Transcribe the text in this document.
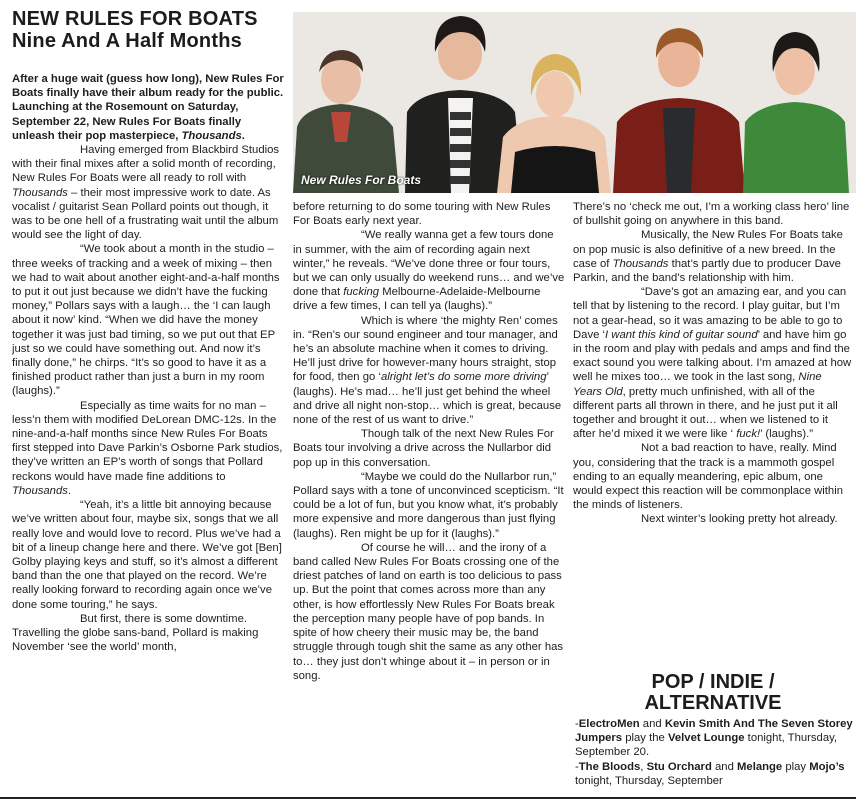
NEW RULES FOR BOATS
Nine And A Half Months
New Rules For Boats

After a huge wait (guess how long), New Rules For Boats finally have their album ready for the public. Launching at the Rosemount on Saturday, September 22, New Rules For Boats finally unleash their pop masterpiece, Thousands.

Having emerged from Blackbird Studios with their final mixes after a solid month of recording, New Rules For Boats were all ready to roll with Thousands – their most impressive work to date. As vocalist / guitarist Sean Pollard points out though, it was to be one hell of a frustrating wait until the album would see the light of day.

“We took about a month in the studio – three weeks of tracking and a week of mixing – then we had to wait about another eight-and-a-half months to put it out just because we didn’t have the fucking money,” Pollars says with a laugh… the ‘I can laugh about it now’ kind. “When we did have the money together it was just bad timing, so we put out that EP just so we could have something out. And now it’s finally done,” he chirps. “It’s so good to have it as a finished product rather than just a burn in my room (laughs).”

Especially as time waits for no man – less’n them with modified DeLorean DMC-12s. In the nine-and-a-half months since New Rules For Boats first stepped into Dave Parkin’s Osborne Park studios, they’ve written an EP’s worth of songs that Pollard reckons would have made fine additions to Thousands.

“Yeah, it’s a little bit annoying because we’ve written about four, maybe six, songs that we all really love and would love to record. Plus we’ve had a bit of a lineup change here and there. We’ve got [Ben] Golby playing keys and stuff, so it’s almost a different band than the one that played on the record. We’re really looking forward to recording again once we’ve done some touring,” he says.

But first, there is some downtime. Travelling the globe sans-band, Pollard is making November ‘see the world’ month,

before returning to do some touring with New Rules For Boats early next year.

“We really wanna get a few tours done in summer, with the aim of recording again next winter,” he reveals. “We’ve done three or four tours, but we can only usually do weekend runs… and we’ve done that fucking Melbourne-Adelaide-Melbourne drive a few times, I can tell ya (laughs).”

Which is where ‘the mighty Ren’ comes in. “Ren’s our sound engineer and tour manager, and he’s an absolute machine when it comes to driving. He’ll just drive for however-many hours straight, stop for food, then go ‘alright let’s do some more driving’ (laughs). He’s mad… he’ll just get behind the wheel and drive all night non-stop… which is great, because none of the rest of us want to drive.”

Though talk of the next New Rules For Boats tour involving a drive across the Nullarbor did pop up in this conversation.

“Maybe we could do the Nullarbor run,” Pollard says with a tone of unconvinced scepticism. “It could be a lot of fun, but you know what, it’s probably more expensive and more dangerous than just flying (laughs). Ren might be up for it (laughs).”

Of course he will… and the irony of a band called New Rules For Boats crossing one of the driest patches of land on earth is too delicious to pass up. But the point that comes across more than any other, is how effortlessly New Rules For Boats break the perception many people have of pop bands. In spite of how cheery their music may be, the band struggle through tough shit the same as any other has to… they just don’t whinge about it – in person or in song.

There’s no ‘check me out, I’m a working class hero’ line of bullshit going on anywhere in this band.

Musically, the New Rules For Boats take on pop music is also definitive of a new breed. In the case of Thousands that’s partly due to producer Dave Parkin, and the band’s relationship with him.

“Dave’s got an amazing ear, and you can tell that by listening to the record. I play guitar, but I’m not a gear-head, so it was amazing to be able to go to Dave ‘I want this kind of guitar sound’ and have him go in the room and play with pedals and amps and find the exact sound you were talking about. I’m amazed at how well he mixes too… we took in the last song, Nine Years Old, pretty much unfinished, with all of the different parts all thrown in there, and he just put it all together and brought it out… when we listened to it after he’d mixed it we were like ‘ fuck!’ (laughs).”

Not a bad reaction to have, really. Mind you, considering that the track is a mammoth gospel ending to an equally meandering, epic album, one would expect this reaction will be commonplace within the minds of listeners.

Next winter’s looking pretty hot already.

POP / INDIE /
ALTERNATIVE

-ElectroMen and Kevin Smith And The Seven Storey Jumpers play the Velvet Lounge tonight, Thursday, September 20.

-The Bloods, Stu Orchard and Melange play Mojo’s tonight, Thursday, September
